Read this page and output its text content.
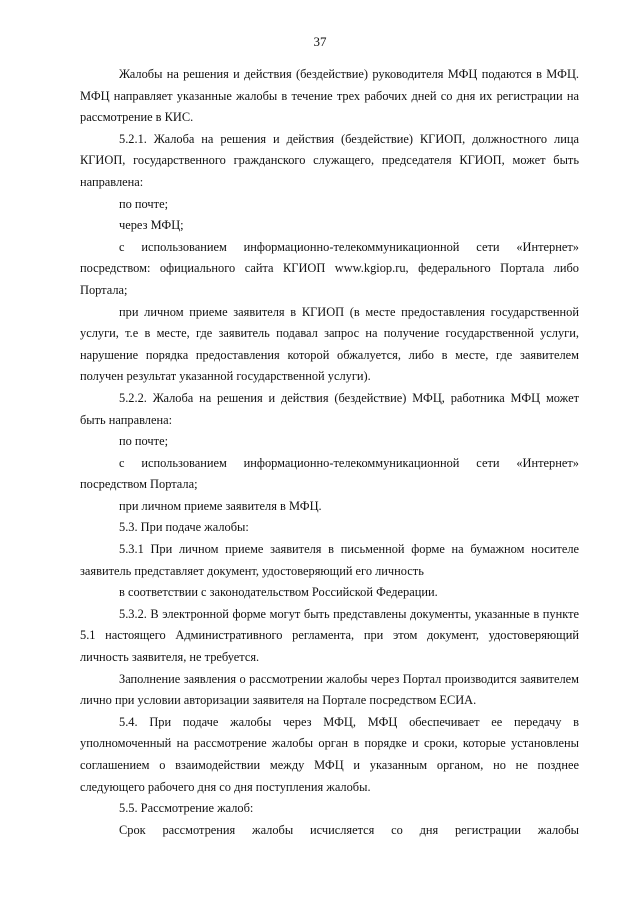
37

Жалобы на решения и действия (бездействие) руководителя МФЦ подаются в МФЦ. МФЦ направляет указанные жалобы в течение трех рабочих дней со дня их регистрации на рассмотрение в КИС.

5.2.1. Жалоба на решения и действия (бездействие) КГИОП, должностного лица КГИОП, государственного гражданского служащего, председателя КГИОП, может быть направлена:

по почте;

через МФЦ;

с использованием информационно-телекоммуникационной сети «Интернет» посредством: официального сайта КГИОП www.kgiop.ru, федерального Портала либо Портала;

при личном приеме заявителя в КГИОП (в месте предоставления государственной услуги, т.е в месте, где заявитель подавал запрос на получение государственной услуги, нарушение порядка предоставления которой обжалуется, либо в месте, где заявителем получен результат указанной государственной услуги).

5.2.2. Жалоба на решения и действия (бездействие) МФЦ, работника МФЦ может быть направлена:

по почте;

с использованием информационно-телекоммуникационной сети «Интернет» посредством Портала;

при личном приеме заявителя в МФЦ.

5.3. При подаче жалобы:

5.3.1 При личном приеме заявителя в письменной форме на бумажном носителе заявитель представляет документ, удостоверяющий его личность

в соответствии с законодательством Российской Федерации.

5.3.2. В электронной форме могут быть представлены документы, указанные в пункте 5.1 настоящего Административного регламента, при этом документ, удостоверяющий личность заявителя, не требуется.

Заполнение заявления о рассмотрении жалобы через Портал производится заявителем лично при условии авторизации заявителя на Портале посредством ЕСИА.

5.4. При подаче жалобы через МФЦ, МФЦ обеспечивает ее передачу в уполномоченный на рассмотрение жалобы орган в порядке и сроки, которые установлены соглашением о взаимодействии между МФЦ и указанным органом, но не позднее следующего рабочего дня со дня поступления жалобы.

5.5. Рассмотрение жалоб:

Срок рассмотрения жалобы исчисляется со дня регистрации жалобы
